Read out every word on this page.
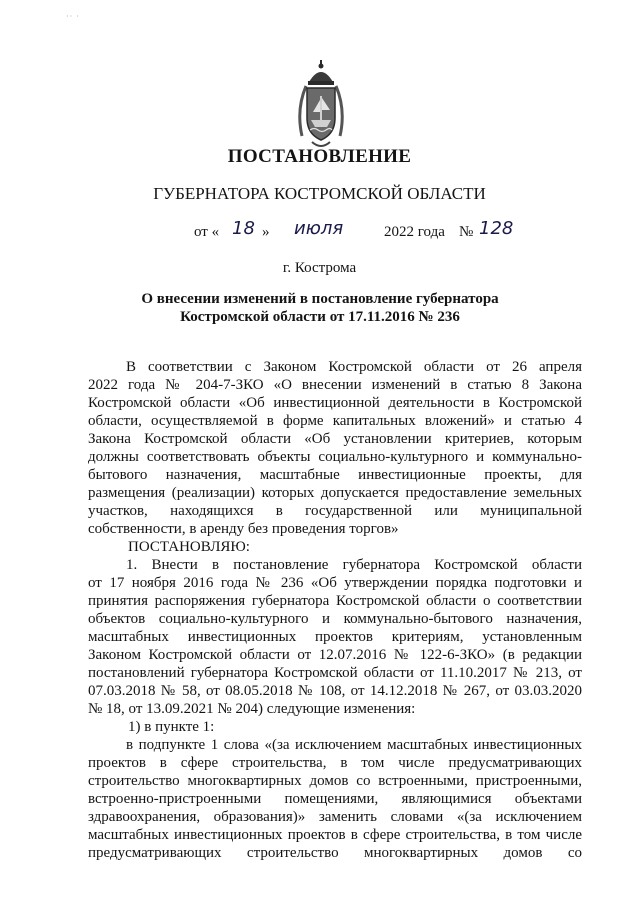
·· ·
ПОСТАНОВЛЕНИЕ
ГУБЕРНАТОРА КОСТРОМСКОЙ ОБЛАСТИ
от « 18 » июля	2022 года № 128
г. Кострома
О внесении изменений в постановление губернатора
Костромской области от 17.11.2016 № 236

В соответствии с Законом Костромской области от 26 апреля

2022 года № 204-7-ЗКО «О внесении изменений в статью 8 Закона

Костромской области «Об инвестиционной деятельности в Костромской

области, осуществляемой в форме капитальных вложений» и статью 4

Закона Костромской области «Об установлении критериев, которым

должны соответствовать объекты социально-культурного и коммунально-

бытового назначения, масштабные инвестиционные проекты, для

размещения (реализации) которых допускается предоставление земельных

участков, находящихся в государственной или муниципальной

собственности, в аренду без проведения торгов»

ПОСТАНОВЛЯЮ:

1. Внести в постановление губернатора Костромской области

от 17 ноября 2016 года № 236 «Об утверждении порядка подготовки и

принятия распоряжения губернатора Костромской области о соответствии

объектов социально-культурного и коммунально-бытового назначения,

масштабных инвестиционных проектов критериям, установленным

Законом Костромской области от 12.07.2016 № 122-6-ЗКО» (в редакции

постановлений губернатора Костромской области от 11.10.2017 № 213, от

07.03.2018 № 58, от 08.05.2018 № 108, от 14.12.2018 № 267, от 03.03.2020

№ 18, от 13.09.2021 № 204) следующие изменения:

1) в пункте 1:

в подпункте 1 слова «(за исключением масштабных инвестиционных

проектов в сфере строительства, в том числе предусматривающих

строительство многоквартирных домов со встроенными, пристроенными,

встроенно-пристроенными помещениями, являющимися объектами

здравоохранения, образования)» заменить словами «(за исключением

масштабных инвестиционных проектов в сфере строительства, в том числе

предусматривающих строительство многоквартирных домов со
